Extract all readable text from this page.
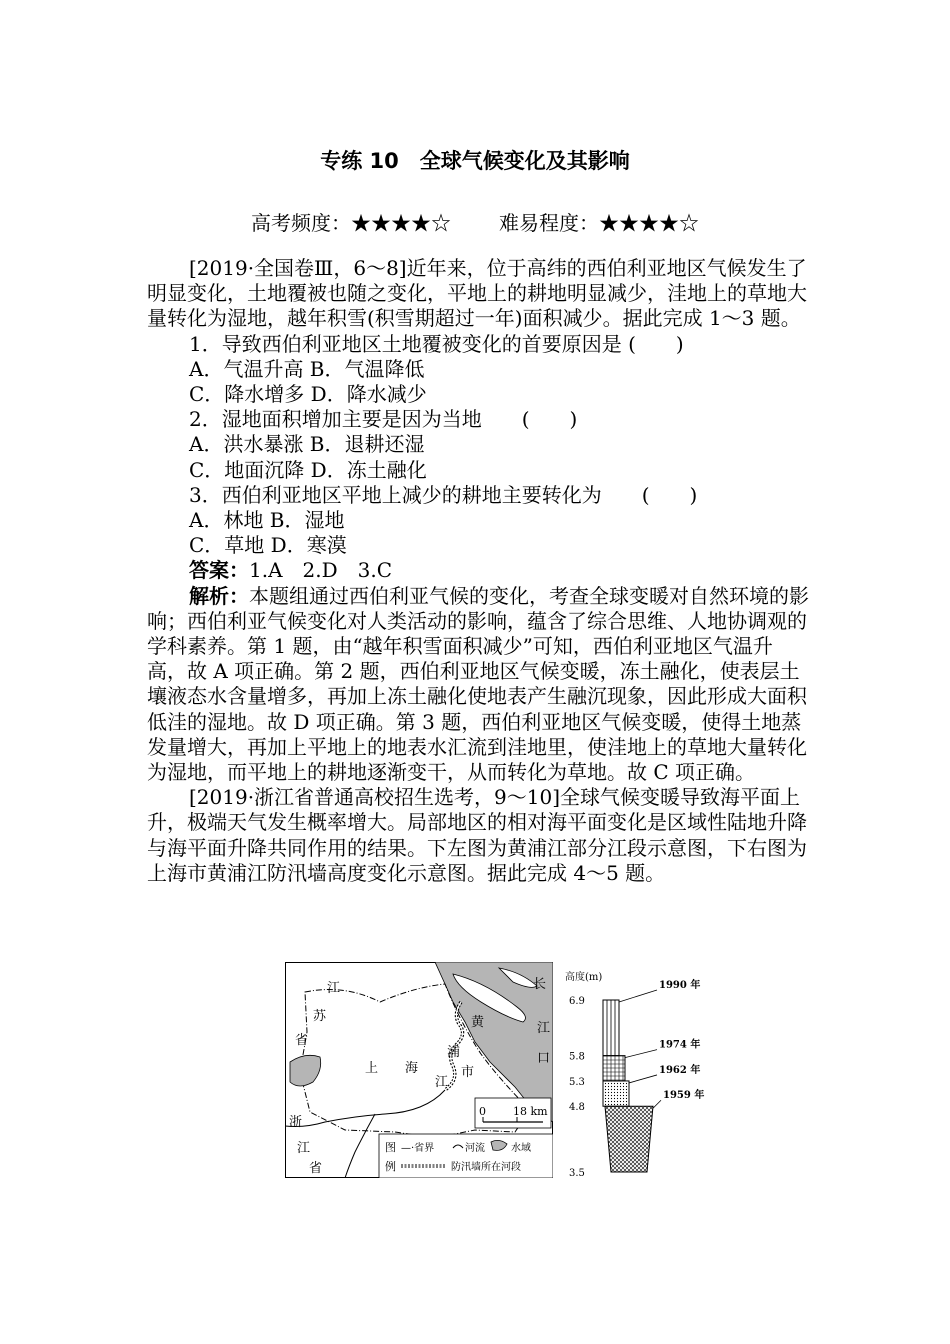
专练 10　全球气候变化及其影响
高考频度：★★★★☆ 难易程度：★★★★☆

[2019·全国卷Ⅲ，6～8]近年来，位于高纬的西伯利亚地区气候发生了明显变化，土地覆被也随之变化，平地上的耕地明显减少，洼地上的草地大量转化为湿地，越年积雪(积雪期超过一年)面积减少。据此完成 1～3 题。

1．导致西伯利亚地区土地覆被变化的首要原因是 (　　)

A．气温升高 B．气温降低

C．降水增多 D．降水减少

2．湿地面积增加主要是因为当地　　(　　)

A．洪水暴涨 B．退耕还湿

C．地面沉降 D．冻土融化

3．西伯利亚地区平地上减少的耕地主要转化为　　(　　)

A．林地 B．湿地

C．草地 D．寒漠

答案：1.A　2.D　3.C

解析：本题组通过西伯利亚气候的变化，考查全球变暖对自然环境的影响；西伯利亚气候变化对人类活动的影响，蕴含了综合思维、人地协调观的学科素养。第 1 题，由“越年积雪面积减少”可知，西伯利亚地区气温升高，故 A 项正确。第 2 题，西伯利亚地区气候变暖，冻土融化，使表层土壤液态水含量增多，再加上冻土融化使地表产生融沉现象，因此形成大面积低洼的湿地。故 D 项正确。第 3 题，西伯利亚地区气候变暖，使得土地蒸发量增大，再加上平地上的地表水汇流到洼地里，使洼地上的草地大量转化为湿地，而平地上的耕地逐渐变干，从而转化为草地。故 C 项正确。

[2019·浙江省普通高校招生选考，9～10]全球气候变暖导致海平面上升，极端天气发生概率增大。局部地区的相对海平面变化是区域性陆地升降与海平面升降共同作用的结果。下左图为黄浦江部分江段示意图，下右图为上海市黄浦江防汛墙高度变化示意图。据此完成 4～5 题。

江
苏
省
上 海	市
黄
浦
江
长
江
口
浙
江
省
0 18 km
图
例
—·省界	河流	水域
防汛墙所在河段
高度(m)
6.9
5.8
5.3
4.8
3.5
1959 年
1962 年
1974 年
1990 年
